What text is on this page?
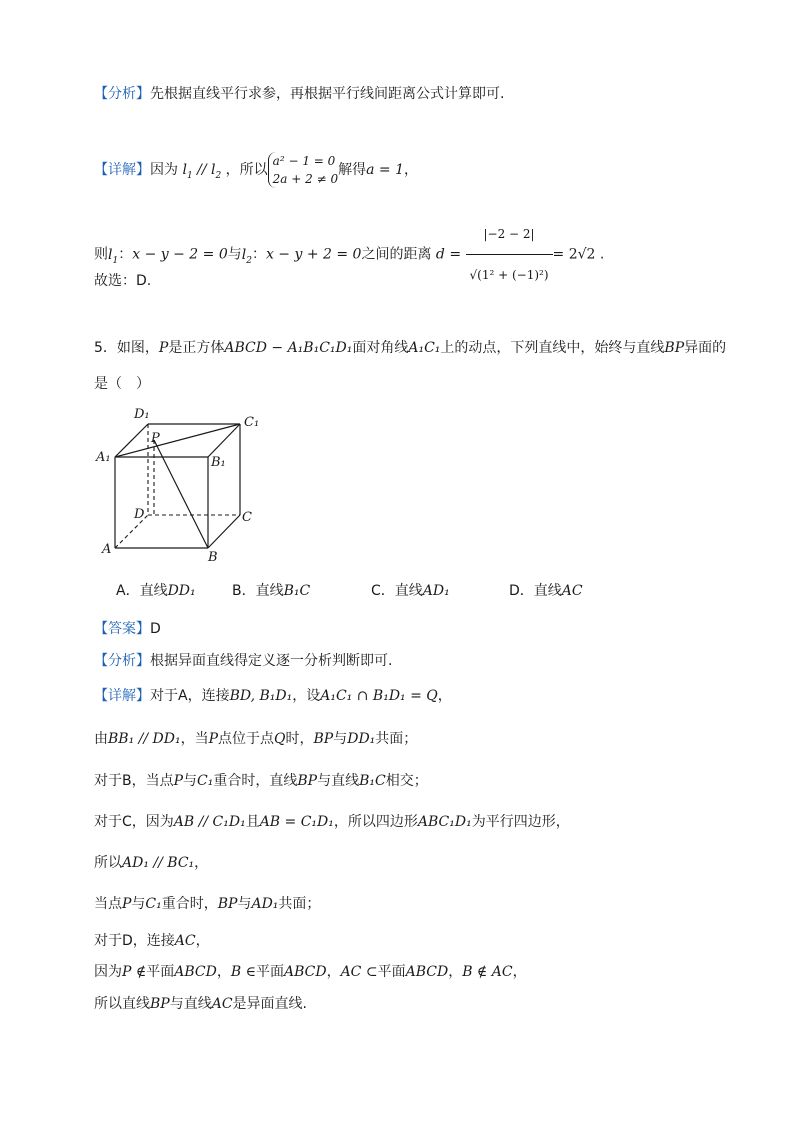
【分析】先根据直线平行求参，再根据平行线间距离公式计算即可.
【详解】因为 $l_1 // l_2$ ，所以
a² − 1 = 0
2a + 2 ≠ 0
解得a = 1，
则$l_1$：x − y − 2 = 0与$l_2$：x − y + 2 = 0之间的距离 $d = \frac{|-2 - 2|}{\text{√(1² + (−1)²)}} = 2√2$ .
故选：D.
5．如图，P是正方体ABCD − A₁B₁C₁D₁面对角线A₁C₁上的动点，下列直线中，始终与直线BP异面的
是（　）
D₁
C₁
P
A₁	B₁
D	C
A
B
A．直线DD₁	B．直线B₁C	C．直线AD₁	D．直线AC
【答案】D
【分析】根据异面直线得定义逐一分析判断即可.
【详解】对于A，连接BD, B₁D₁，设A₁C₁ ∩ B₁D₁ = Q，
由BB₁ // DD₁，当P点位于点Q时，BP与DD₁共面；
对于B，当点P与C₁重合时，直线BP与直线B₁C相交；
对于C，因为AB // C₁D₁且AB = C₁D₁，所以四边形ABC₁D₁为平行四边形，
所以AD₁ // BC₁，
当点P与C₁重合时，BP与AD₁共面；
对于D，连接AC，
因为P ∉平面ABCD，B ∈平面ABCD，AC ⊂平面ABCD，B ∉ AC，
所以直线BP与直线AC是异面直线.
